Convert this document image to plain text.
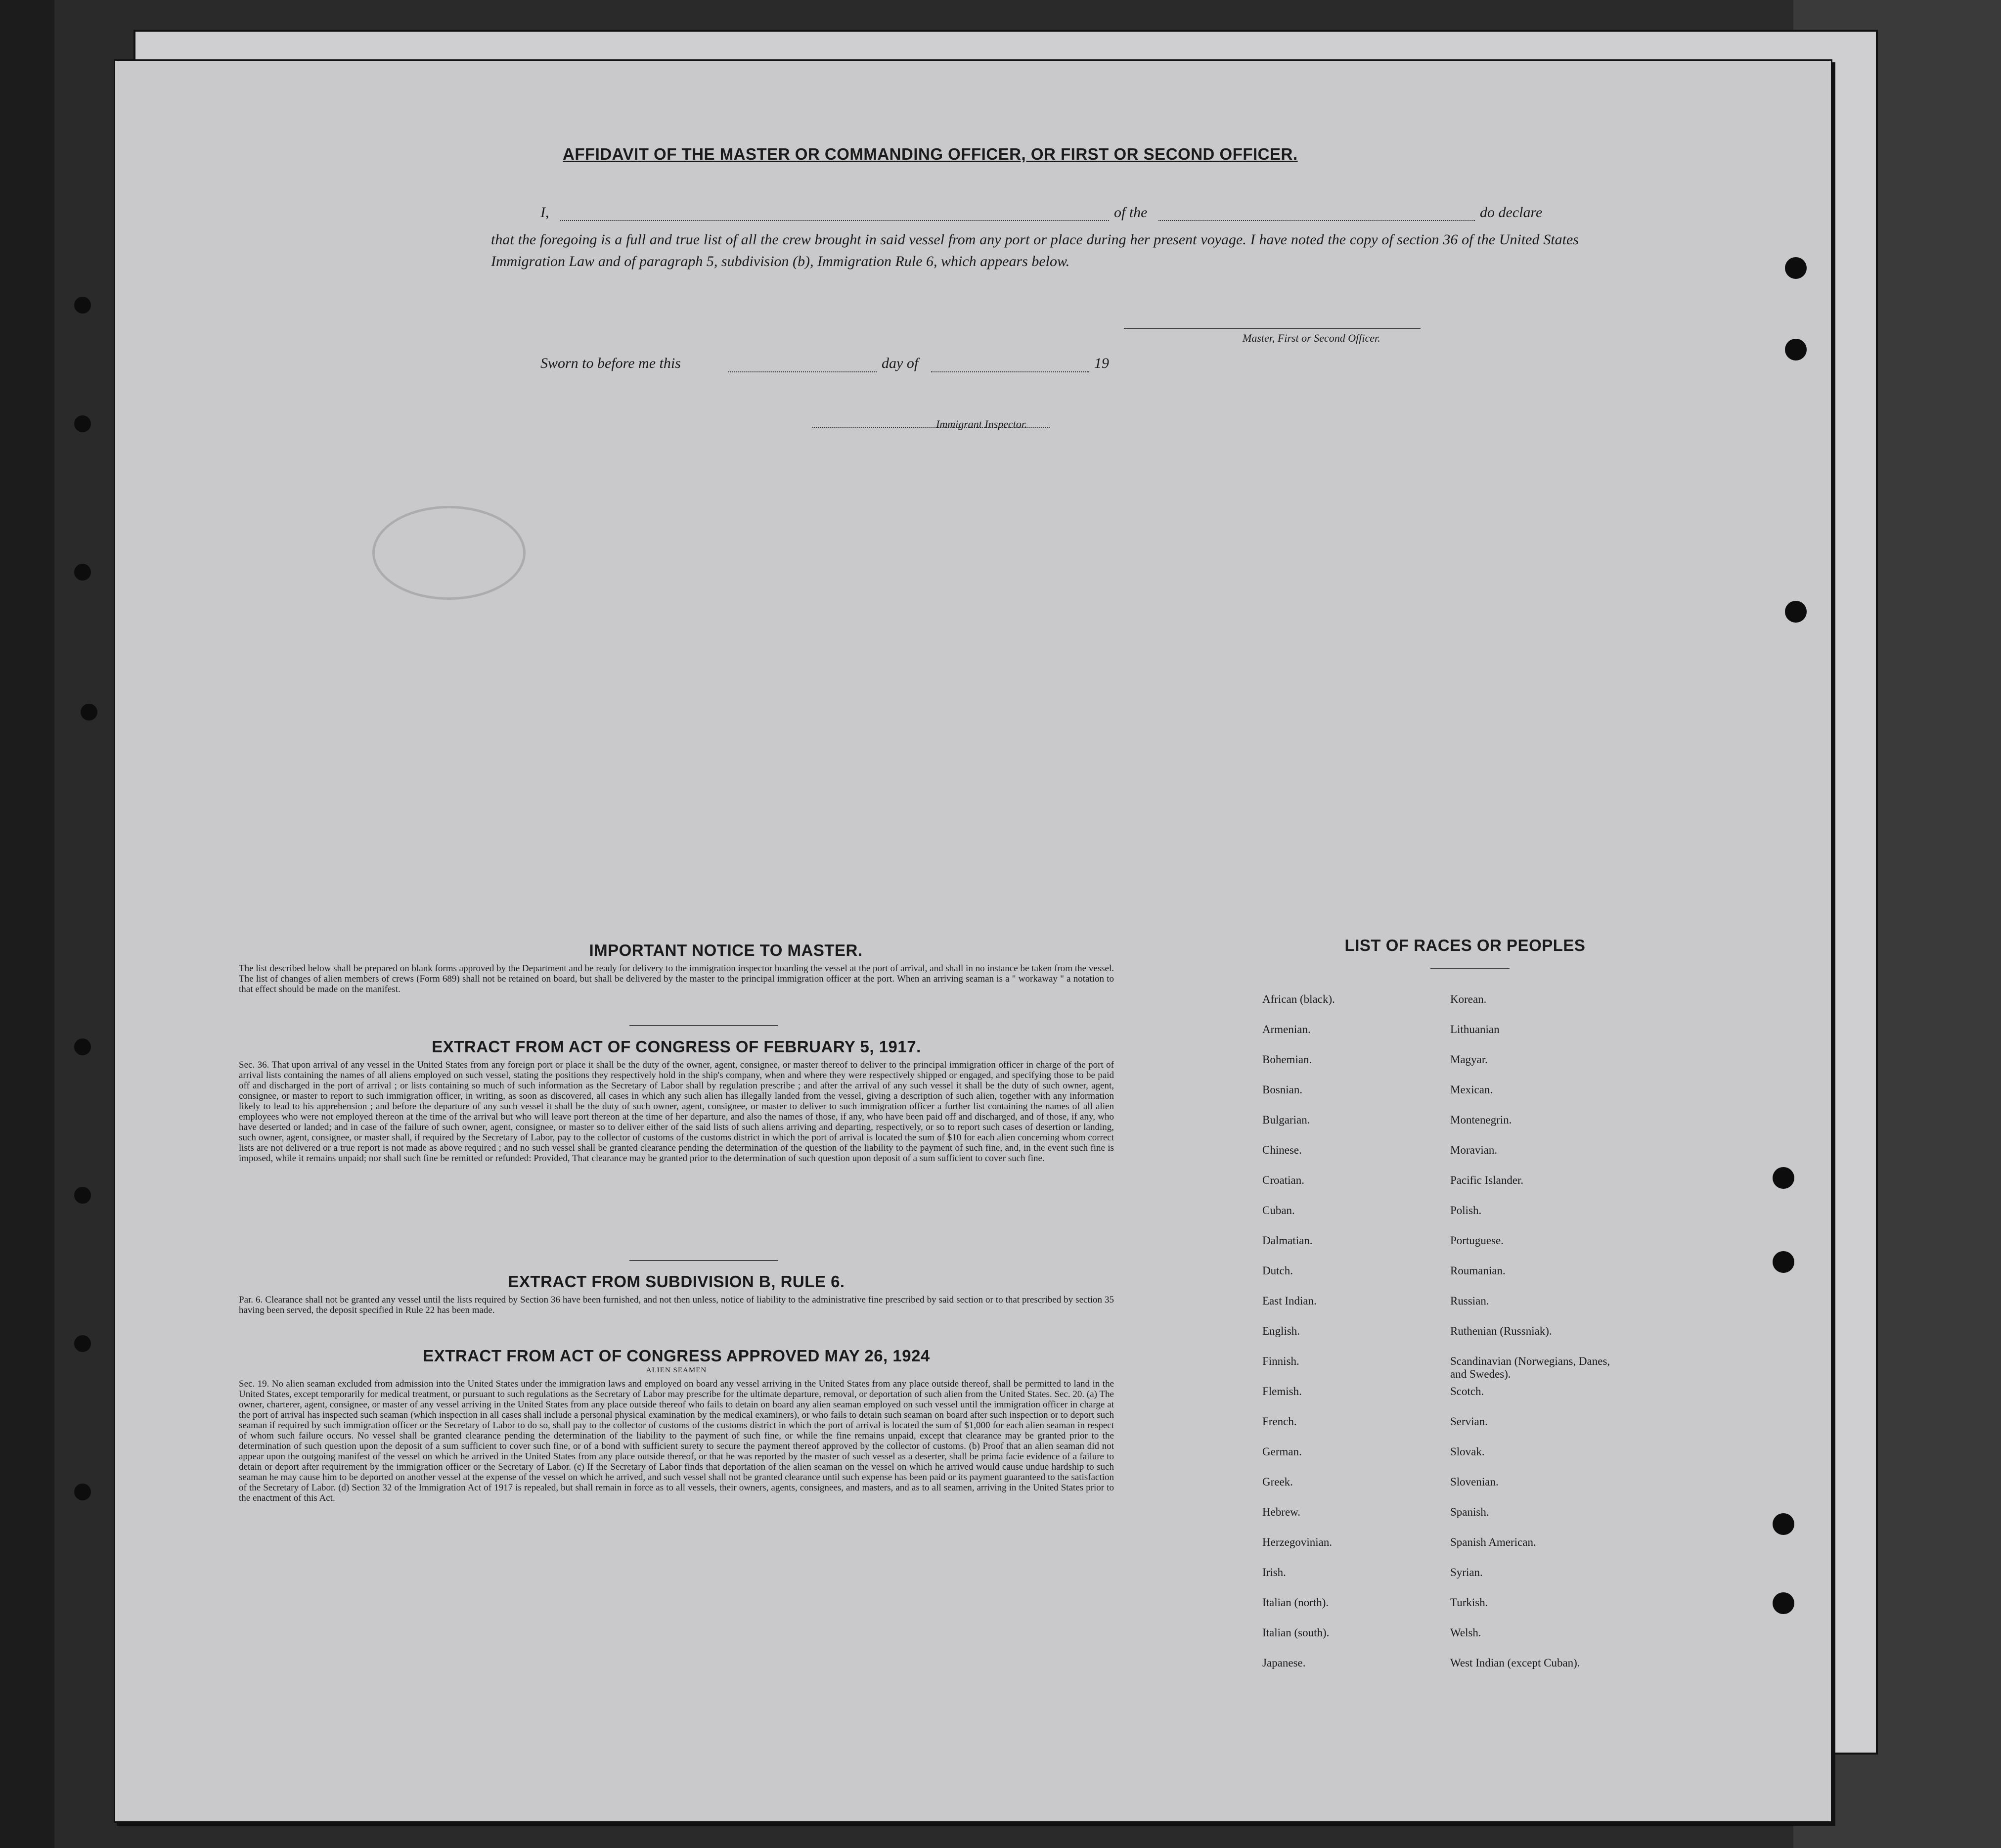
AFFIDAVIT OF THE MASTER OR COMMANDING OFFICER, OR FIRST OR SECOND OFFICER.
I,	of the	do declare
that the foregoing is a full and true list of all the crew brought in said vessel from any port or place during her present voyage. I have noted the copy of section 36 of the United States Immigration Law and of paragraph 5, subdivision (b), Immigration Rule 6, which appears below.
Master, First or Second Officer.
Sworn to before me this	day of	19
Immigrant Inspector.
IMPORTANT NOTICE TO MASTER.
The list described below shall be prepared on blank forms approved by the Department and be ready for delivery to the immigration inspector boarding the vessel at the port of arrival, and shall in no instance be taken from the vessel. The list of changes of alien members of crews (Form 689) shall not be retained on board, but shall be delivered by the master to the principal immigration officer at the port. When an arriving seaman is a " workaway " a notation to that effect should be made on the manifest.
EXTRACT FROM ACT OF CONGRESS OF FEBRUARY 5, 1917.
Sec. 36. That upon arrival of any vessel in the United States from any foreign port or place it shall be the duty of the owner, agent, consignee, or master thereof to deliver to the principal immigration officer in charge of the port of arrival lists containing the names of all aliens employed on such vessel, stating the positions they respectively hold in the ship's company, when and where they were respectively shipped or engaged, and specifying those to be paid off and discharged in the port of arrival ; or lists containing so much of such information as the Secretary of Labor shall by regulation prescribe ; and after the arrival of any such vessel it shall be the duty of such owner, agent, consignee, or master to report to such immigration officer, in writing, as soon as discovered, all cases in which any such alien has illegally landed from the vessel, giving a description of such alien, together with any information likely to lead to his apprehension ; and before the departure of any such vessel it shall be the duty of such owner, agent, consignee, or master to deliver to such immigration officer a further list containing the names of all alien employees who were not employed thereon at the time of the arrival but who will leave port thereon at the time of her departure, and also the names of those, if any, who have been paid off and discharged, and of those, if any, who have deserted or landed; and in case of the failure of such owner, agent, consignee, or master so to deliver either of the said lists of such aliens arriving and departing, respectively, or so to report such cases of desertion or landing, such owner, agent, consignee, or master shall, if required by the Secretary of Labor, pay to the collector of customs of the customs district in which the port of arrival is located the sum of $10 for each alien concerning whom correct lists are not delivered or a true report is not made as above required ; and no such vessel shall be granted clearance pending the determination of the question of the liability to the payment of such fine, and, in the event such fine is imposed, while it remains unpaid; nor shall such fine be remitted or refunded: Provided, That clearance may be granted prior to the determination of such question upon deposit of a sum sufficient to cover such fine.
EXTRACT FROM SUBDIVISION B, RULE 6.
Par. 6. Clearance shall not be granted any vessel until the lists required by Section 36 have been furnished, and not then unless, notice of liability to the administrative fine prescribed by said section or to that prescribed by section 35 having been served, the deposit specified in Rule 22 has been made.
EXTRACT FROM ACT OF CONGRESS APPROVED MAY 26, 1924
ALIEN SEAMEN
Sec. 19. No alien seaman excluded from admission into the United States under the immigration laws and employed on board any vessel arriving in the United States from any place outside thereof, shall be permitted to land in the United States, except temporarily for medical treatment, or pursuant to such regulations as the Secretary of Labor may prescribe for the ultimate departure, removal, or deportation of such alien from the United States. Sec. 20. (a) The owner, charterer, agent, consignee, or master of any vessel arriving in the United States from any place outside thereof who fails to detain on board any alien seaman employed on such vessel until the immigration officer in charge at the port of arrival has inspected such seaman (which inspection in all cases shall include a personal physical examination by the medical examiners), or who fails to detain such seaman on board after such inspection or to deport such seaman if required by such immigration officer or the Secretary of Labor to do so, shall pay to the collector of customs of the customs district in which the port of arrival is located the sum of $1,000 for each alien seaman in respect of whom such failure occurs. No vessel shall be granted clearance pending the determination of the liability to the payment of such fine, or while the fine remains unpaid, except that clearance may be granted prior to the determination of such question upon the deposit of a sum sufficient to cover such fine, or of a bond with sufficient surety to secure the payment thereof approved by the collector of customs. (b) Proof that an alien seaman did not appear upon the outgoing manifest of the vessel on which he arrived in the United States from any place outside thereof, or that he was reported by the master of such vessel as a deserter, shall be prima facie evidence of a failure to detain or deport after requirement by the immigration officer or the Secretary of Labor. (c) If the Secretary of Labor finds that deportation of the alien seaman on the vessel on which he arrived would cause undue hardship to such seaman he may cause him to be deported on another vessel at the expense of the vessel on which he arrived, and such vessel shall not be granted clearance until such expense has been paid or its payment guaranteed to the satisfaction of the Secretary of Labor. (d) Section 32 of the Immigration Act of 1917 is repealed, but shall remain in force as to all vessels, their owners, agents, consignees, and masters, and as to all seamen, arriving in the United States prior to the enactment of this Act.
LIST OF RACES OR PEOPLES
African (black).
Armenian.
Bohemian.
Bosnian.
Bulgarian.
Chinese.
Croatian.
Cuban.
Dalmatian.
Dutch.
East Indian.
English.
Finnish.
Flemish.
French.
German.
Greek.
Hebrew.
Herzegovinian.
Irish.
Italian (north).
Italian (south).
Japanese.
Korean.
Lithuanian
Magyar.
Mexican.
Montenegrin.
Moravian.
Pacific Islander.
Polish.
Portuguese.
Roumanian.
Russian.
Ruthenian (Russniak).
Scandinavian (Norwegians, Danes, and Swedes).
Scotch.
Servian.
Slovak.
Slovenian.
Spanish.
Spanish American.
Syrian.
Turkish.
Welsh.
West Indian (except Cuban).
